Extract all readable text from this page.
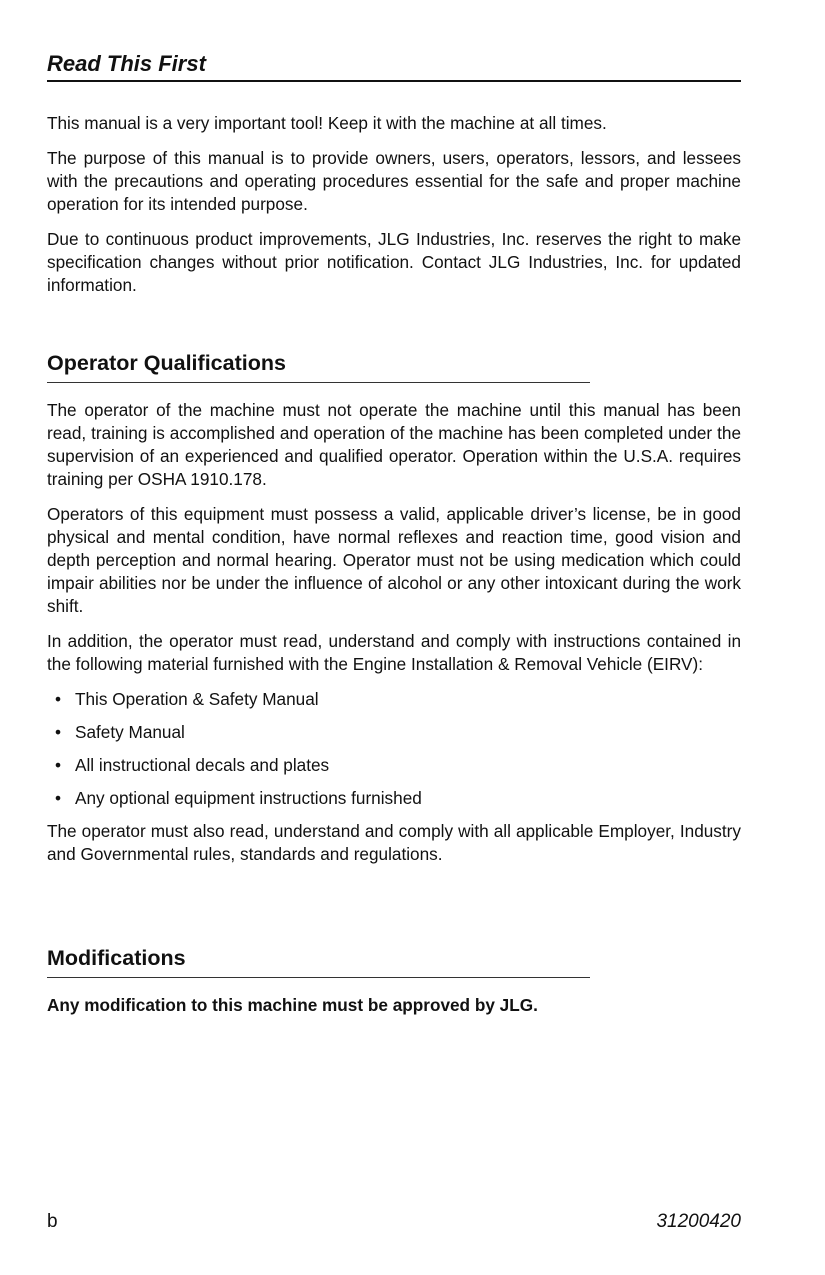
Read This First

This manual is a very important tool! Keep it with the machine at all times.

The purpose of this manual is to provide owners, users, operators, lessors, and lessees with the precautions and operating procedures essential for the safe and proper machine operation for its intended purpose.

Due to continuous product improvements, JLG Industries, Inc. reserves the right to make specification changes without prior notification. Contact JLG Industries, Inc. for updated information.

Operator Qualifications

The operator of the machine must not operate the machine until this manual has been read, training is accomplished and operation of the machine has been completed under the supervision of an experienced and qualified operator. Operation within the U.S.A. requires training per OSHA 1910.178.

Operators of this equipment must possess a valid, applicable driver’s license, be in good physical and mental condition, have normal reflexes and reaction time, good vision and depth perception and normal hearing. Operator must not be using medication which could impair abilities nor be under the influence of alcohol or any other intoxicant during the work shift.

In addition, the operator must read, understand and comply with instructions contained in the following material furnished with the Engine Installation & Removal Vehicle (EIRV):

• This Operation & Safety Manual
• Safety Manual
• All instructional decals and plates
• Any optional equipment instructions furnished

The operator must also read, understand and comply with all applicable Employer, Industry and Governmental rules, standards and regulations.

Modifications
Any modification to this machine must be approved by JLG.
b	31200420
